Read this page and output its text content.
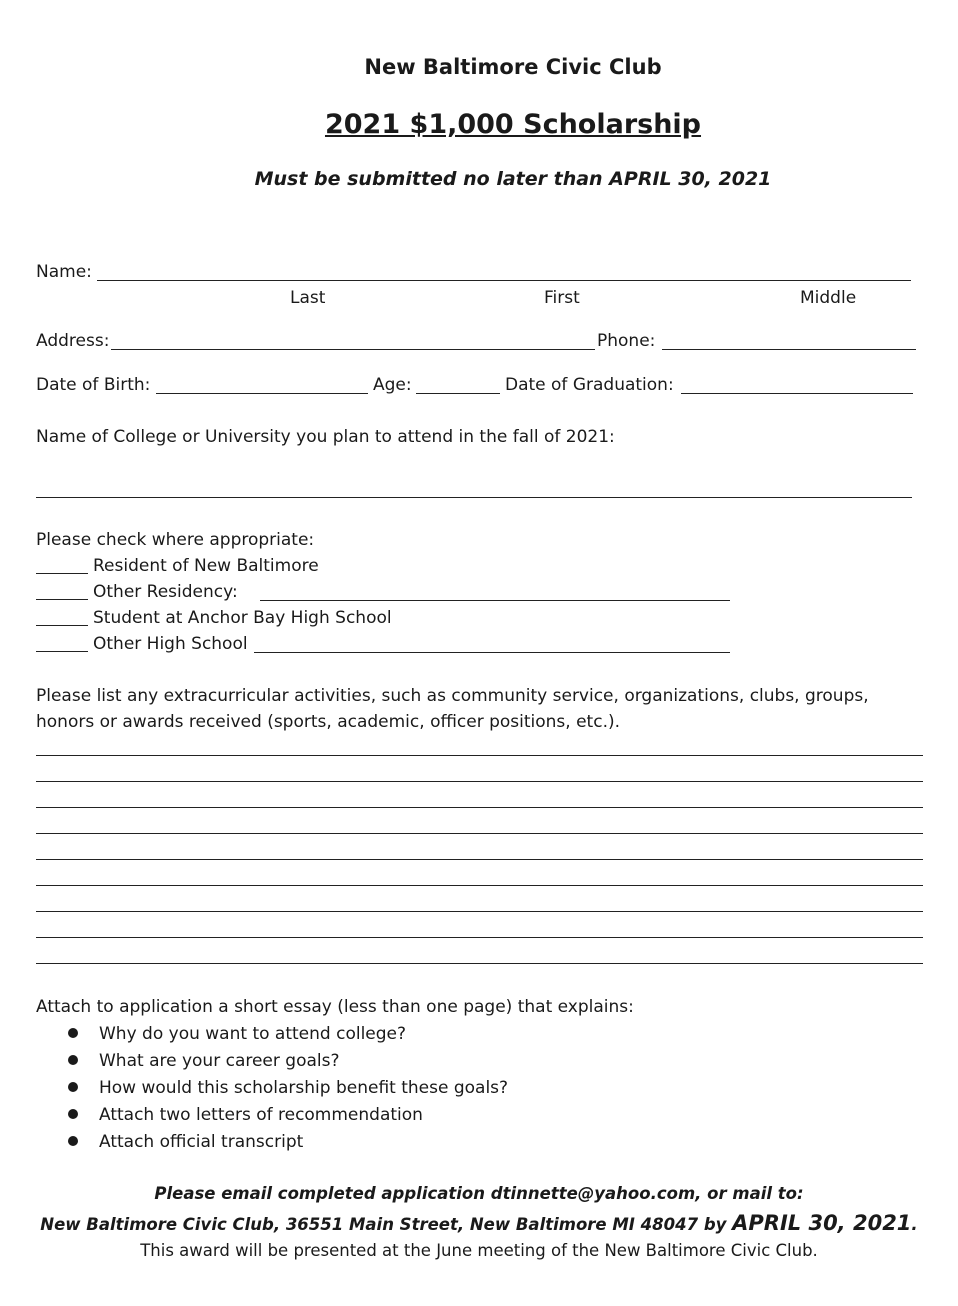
New Baltimore Civic Club
2021 $1,000 Scholarship
Must be submitted no later than APRIL 30, 2021
Name:
Last	First	Middle
Address:	Phone:
Date of Birth:	Age:	Date of Graduation:
Name of College or University you plan to attend in the fall of 2021:
Please check where appropriate:
Resident of New Baltimore
Other Residency:
Student at Anchor Bay High School
Other High School
Please list any extracurricular activities, such as community service, organizations, clubs, groups,
honors or awards received (sports, academic, officer positions, etc.).
Attach to application a short essay (less than one page) that explains:
Why do you want to attend college?
What are your career goals?
How would this scholarship benefit these goals?
Attach two letters of recommendation
Attach official transcript
Please email completed application dtinnette@yahoo.com, or mail to:
New Baltimore Civic Club, 36551 Main Street, New Baltimore MI 48047 by APRIL 30, 2021.
This award will be presented at the June meeting of the New Baltimore Civic Club.
